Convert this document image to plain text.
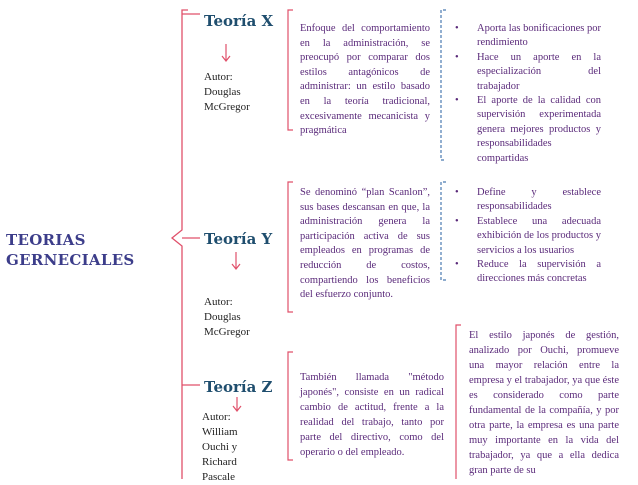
TEORIAS GERNECIALES
Teoría X
Autor:
Douglas
McGregor
Enfoque del comportamiento en la administración, se preocupó por comparar dos estilos antagónicos de administrar: un estilo basado en la teoría tradicional, excesivamente mecanicista y pragmática
• Aporta las bonificaciones por rendimiento
• Hace un aporte en la especialización del trabajador
• El aporte de la calidad con supervisión experimentada genera mejores productos y responsabilidades compartidas
Teoría Y
Autor:
Douglas
McGregor
Se denominó “plan Scanlon”, sus bases descansan en que, la administración genera la participación activa de sus empleados en programas de reducción de costos, compartiendo los beneficios del esfuerzo conjunto.
• Define y establece responsabilidades
• Establece una adecuada exhibición de los productos y servicios a los usuarios
• Reduce la supervisión a direcciones más concretas
Teoría Z
Autor:
William
Ouchi y
Richard
Pascale
También llamada "método japonés", consiste en un radical cambio de actitud, frente a la realidad del trabajo, tanto por parte del directivo, como del operario o del empleado.
El estilo japonés de gestión, analizado por Ouchi, promueve una mayor relación entre la empresa y el trabajador, ya que éste es considerado como parte fundamental de la compañía, y por otra parte, la empresa es una parte muy importante en la vida del trabajador, ya que a ella dedica gran parte de su
